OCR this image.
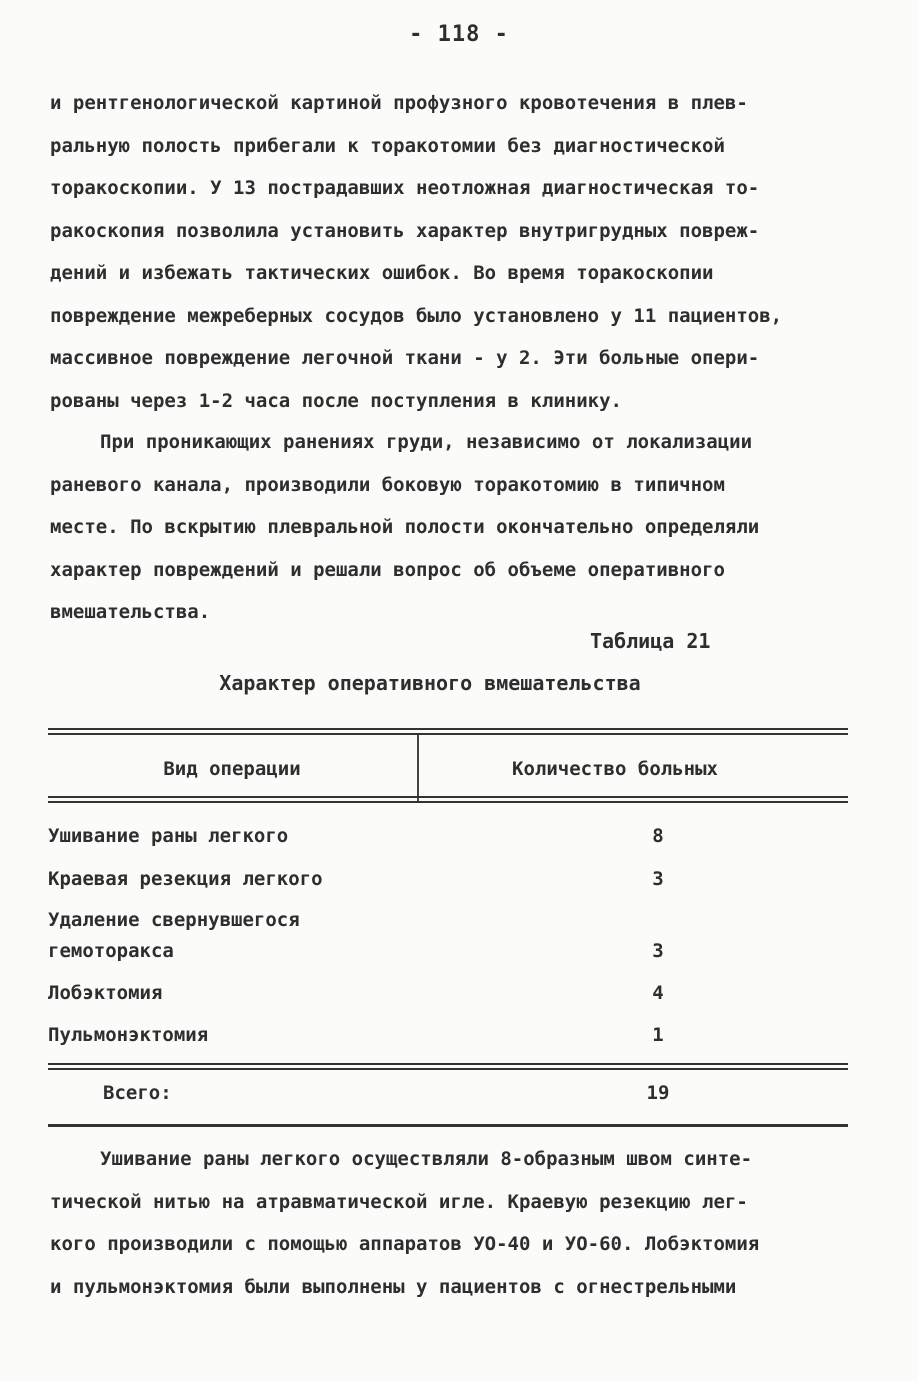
- 118 -
и рентгенологической картиной профузного кровотечения в плев-
ральную полость прибегали к торакотомии без диагностической
торакоскопии. У 13 пострадавших неотложная диагностическая то-
ракоскопия позволила установить характер внутригрудных повреж-
дений и избежать тактических ошибок. Во время торакоскопии
повреждение межреберных сосудов было установлено у 11 пациентов,
массивное повреждение легочной ткани - у 2. Эти больные опери-
рованы через 1-2 часа после поступления в клинику.
При проникающих ранениях груди, независимо от локализации
раневого канала, производили боковую торакотомию в типичном
месте. По вскрытию плевральной полости окончательно определяли
характер повреждений и решали вопрос об объеме оперативного
вмешательства.
Таблица 21
Характер оперативного вмешательства
Вид операции	Количество больных
Ушивание раны легкого	8
Краевая резекция легкого	3
Удаление свернувшегося
гемоторакса	3
Лобэктомия	4
Пульмонэктомия	1
Всего:	19
Ушивание раны легкого осуществляли 8-образным швом синте-
тической нитью на атравматической игле. Краевую резекцию лег-
кого производили с помощью аппаратов УО-40 и УО-60. Лобэктомия
и пульмонэктомия были выполнены у пациентов с огнестрельными
